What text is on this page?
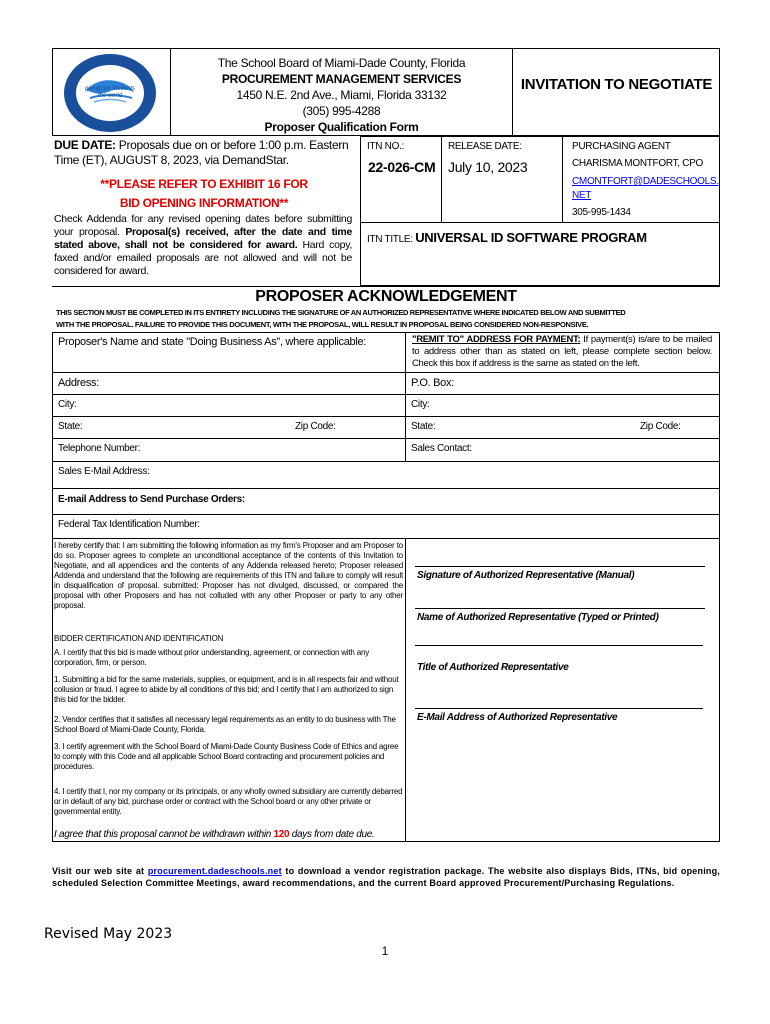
giving our students the world
The School Board of Miami-Dade County, Florida
PROCUREMENT MANAGEMENT SERVICES
1450 N.E. 2nd Ave., Miami, Florida 33132
(305) 995-4288
Proposer Qualification Form
INVITATION TO NEGOTIATE
DUE DATE: Proposals due on or before 1:00 p.m. Eastern Time (ET), AUGUST 8, 2023, via DemandStar.
**PLEASE REFER TO EXHIBIT 16 FOR
BID OPENING INFORMATION**
Check Addenda for any revised opening dates before submitting your proposal. Proposal(s) received, after the date and time stated above, shall not be considered for award. Hard copy, faxed and/or emailed proposals are not allowed and will not be considered for award.
ITN NO.:
22-026-CM
RELEASE DATE:
July 10, 2023
PURCHASING AGENT
CHARISMA MONTFORT, CPO
CMONTFORT@DADESCHOOLS.
NET
305-995-1434
ITN TITLE: UNIVERSAL ID SOFTWARE PROGRAM
PROPOSER ACKNOWLEDGEMENT
THIS SECTION MUST BE COMPLETED IN ITS ENTIRETY INCLUDING THE SIGNATURE OF AN AUTHORIZED REPRESENTATIVE WHERE INDICATED BELOW AND SUBMITTED
WITH THE PROPOSAL. FAILURE TO PROVIDE THIS DOCUMENT, WITH THE PROPOSAL, WILL RESULT IN PROPOSAL BEING CONSIDERED NON-RESPONSIVE.
Proposer's Name and state "Doing Business As", where applicable:	"REMIT TO" ADDRESS FOR PAYMENT: If payment(s) is/are to be mailed to address other than as stated on left, please complete section below. Check this box if address is the same as stated on the left.
Address:	P.O. Box:
City:	City:
State:	Zip Code:	State:	Zip Code:
Telephone Number:	Sales Contact:
Sales E-Mail Address:
E-mail Address to Send Purchase Orders:
Federal Tax Identification Number:
I hereby certify that: I am submitting the following information as my firm's Proposer and am Proposer to do so. Proposer agrees to complete an unconditional acceptance of the contents of this Invitation to Negotiate, and all appendices and the contents of any Addenda released hereto; Proposer released Addenda and understand that the following are requirements of this ITN and failure to comply will result in disqualification of proposal. submitted; Proposer has not divulged, discussed, or compared the proposal with other Proposers and has not colluded with any other Proposer or party to any other proposal.
BIDDER CERTIFICATION AND IDENTIFICATION
A. I certify that this bid is made without prior understanding, agreement, or connection with any corporation, firm, or person.
1. Submitting a bid for the same materials, supplies, or equipment, and is in all respects fair and without collusion or fraud. I agree to abide by all conditions of this bid; and I certify that I am authorized to sign this bid for the bidder.
2. Vendor certifies that it satisfies all necessary legal requirements as an entity to do business with The School Board of Miami-Dade County, Florida.
3. I certify agreement with the School Board of Miami-Dade County Business Code of Ethics and agree to comply with this Code and all applicable School Board contracting and procurement policies and procedures.
4. I certify that I, nor my company or its principals, or any wholly owned subsidiary are currently debarred or in default of any bid, purchase order or contract with the School board or any other private or governmental entity.
I agree that this proposal cannot be withdrawn within 120 days from date due.
Signature of Authorized Representative (Manual)
Name of Authorized Representative (Typed or Printed)
Title of Authorized Representative
E-Mail Address of Authorized Representative
Visit our web site at procurement.dadeschools.net to download a vendor registration package. The website also displays Bids, ITNs, bid opening, scheduled Selection Committee Meetings, award recommendations, and the current Board approved Procurement/Purchasing Regulations.
Revised May 2023
1
